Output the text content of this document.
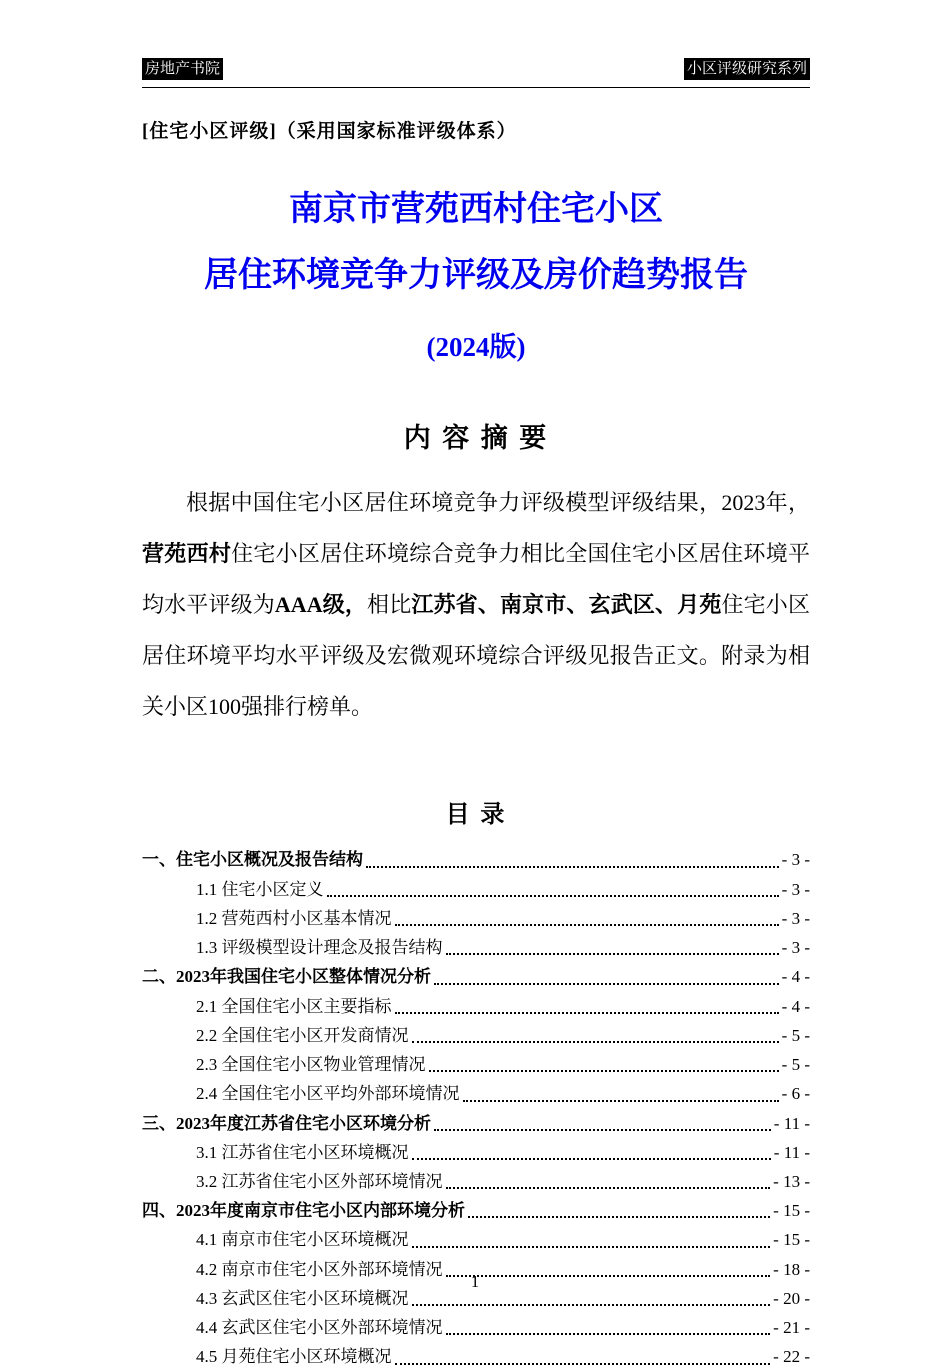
房地产书院	小区评级研究系列
[住宅小区评级]（采用国家标准评级体系）
南京市营苑西村住宅小区
居住环境竞争力评级及房价趋势报告
(2024版)
内 容 摘 要

根据中国住宅小区居住环境竞争力评级模型评级结果，2023年，营苑西村住宅小区居住环境综合竞争力相比全国住宅小区居住环境平均水平评级为AAA级，相比江苏省、南京市、玄武区、月苑住宅小区居住环境平均水平评级及宏微观环境综合评级见报告正文。附录为相关小区100强排行榜单。

目 录
一、住宅小区概况及报告结构	- 3 -
1.1 住宅小区定义	- 3 -
1.2 营苑西村小区基本情况	- 3 -
1.3 评级模型设计理念及报告结构	- 3 -
二、2023年我国住宅小区整体情况分析	- 4 -
2.1 全国住宅小区主要指标	- 4 -
2.2 全国住宅小区开发商情况	- 5 -
2.3 全国住宅小区物业管理情况	- 5 -
2.4 全国住宅小区平均外部环境情况	- 6 -
三、2023年度江苏省住宅小区环境分析	- 11 -
3.1 江苏省住宅小区环境概况	- 11 -
3.2 江苏省住宅小区外部环境情况	- 13 -
四、2023年度南京市住宅小区内部环境分析	- 15 -
4.1 南京市住宅小区环境概况	- 15 -
4.2 南京市住宅小区外部环境情况	- 18 -
4.3 玄武区住宅小区环境概况	- 20 -
4.4 玄武区住宅小区外部环境情况	- 21 -
4.5 月苑住宅小区环境概况	- 22 -
1
